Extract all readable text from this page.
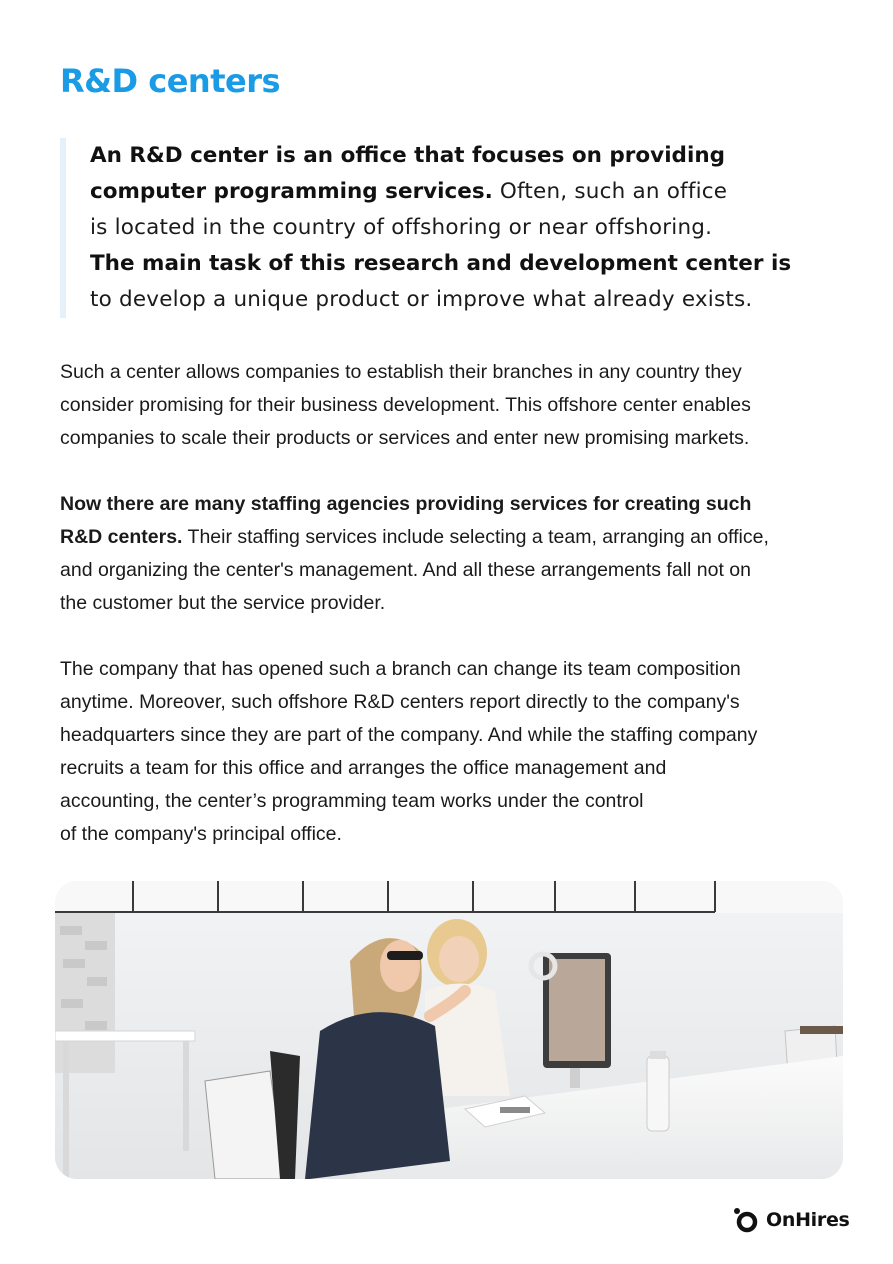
R&D centers
An R&D center is an office that focuses on providing
computer programming services. Often, such an office
is located in the country of offshoring or near offshoring.
The main task of this research and development center is
to develop a unique product or improve what already exists.
Such a center allows companies to establish their branches in any country they
consider promising for their business development. This offshore center enables
companies to scale their products or services and enter new promising markets.
Now there are many staffing agencies providing services for creating such
R&D centers. Their staffing services include selecting a team, arranging an office,
and organizing the center's management. And all these arrangements fall not on
the customer but the service provider.
The company that has opened such a branch can change its team composition
anytime. Moreover, such offshore R&D centers report directly to the company's
headquarters since they are part of the company. And while the staffing company
recruits a team for this office and arranges the office management and
accounting, the center’s programming team works under the control
of the company's principal office.
OnHires
